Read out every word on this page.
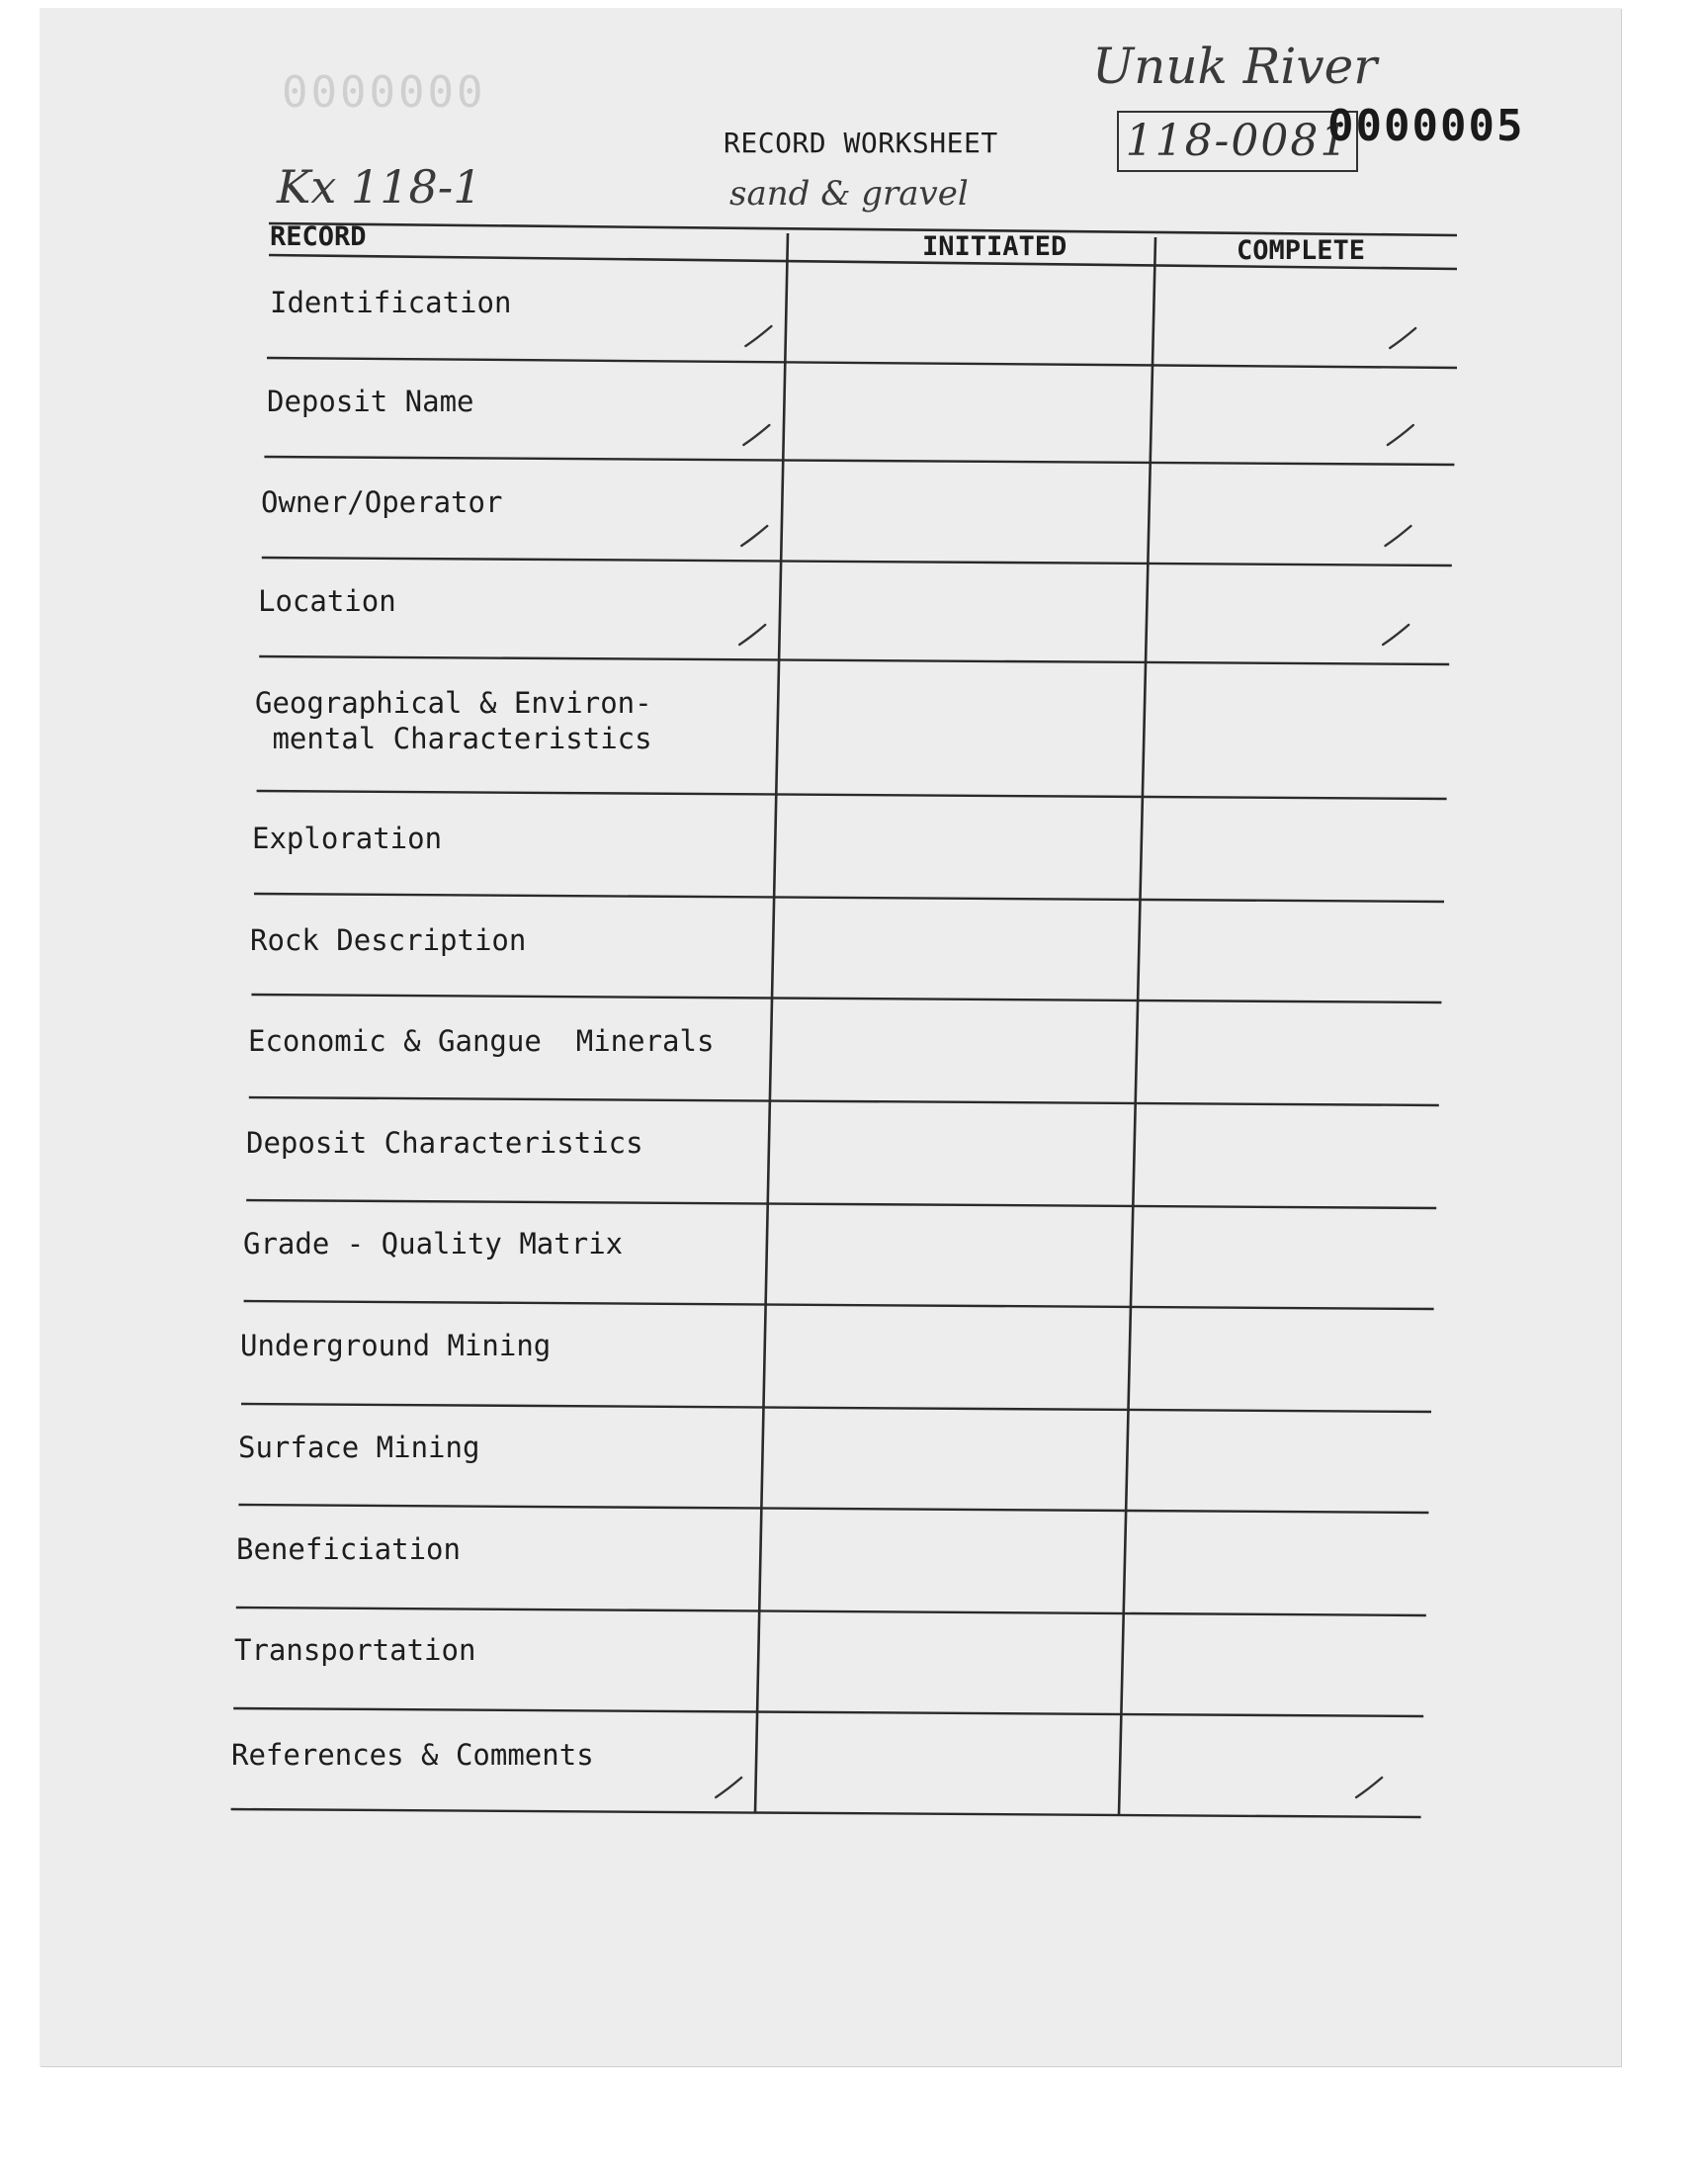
0000000	Unuk River
118-0081
0000005
RECORD WORKSHEET
Kx 118-1	sand & gravel
RECORD	INITIATED	COMPLETE
Identification
Deposit Name
Owner/Operator
Location
Geographical & Environ-
mental Characteristics
Exploration
Rock Description
Economic & Gangue  Minerals
Deposit Characteristics
Grade - Quality Matrix
Underground Mining
Surface Mining
Beneficiation
Transportation
References & Comments
